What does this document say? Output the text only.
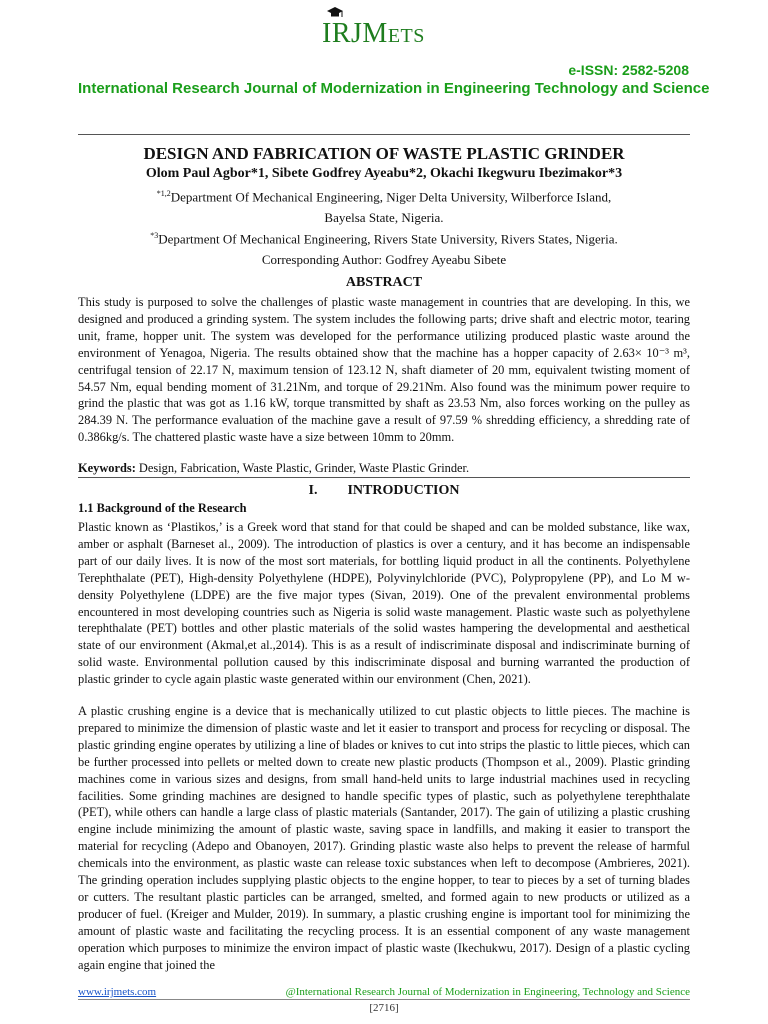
IRJMETS
e-ISSN: 2582-5208
International Research Journal of Modernization in Engineering Technology and Science
DESIGN AND FABRICATION OF WASTE PLASTIC GRINDER
Olom Paul Agbor*1, Sibete Godfrey Ayeabu*2, Okachi Ikegwuru Ibezimakor*3
$^{*1,2}$Department Of Mechanical Engineering, Niger Delta University, Wilberforce Island,
Bayelsa State, Nigeria.
$^{*3}$Department Of Mechanical Engineering, Rivers State University, Rivers States, Nigeria.
Corresponding Author: Godfrey Ayeabu Sibete
ABSTRACT

This study is purposed to solve the challenges of plastic waste management in countries that are developing. In this, we designed and produced a grinding system. The system includes the following parts; drive shaft and electric motor, tearing unit, frame, hopper unit. The system was developed for the performance utilizing produced plastic waste around the environment of Yenagoa, Nigeria. The results obtained show that the machine has a hopper capacity of 2.63× 10⁻³ m³, centrifugal tension of 22.17 N, maximum tension of 123.12 N, shaft diameter of 20 mm, equivalent twisting moment of 54.57 Nm, equal bending moment of 31.21Nm, and torque of 29.21Nm. Also found was the minimum power require to grind the plastic that was got as 1.16 kW, torque transmitted by shaft as 23.53 Nm, also forces working on the pulley as 284.39 N. The performance evaluation of the machine gave a result of 97.59 % shredding efficiency, a shredding rate of 0.386kg/s. The chattered plastic waste have a size between 10mm to 20mm.

Keywords: Design, Fabrication, Waste Plastic, Grinder, Waste Plastic Grinder.

I. INTRODUCTION
1.1 Background of the Research

Plastic known as ‘Plastikos,’ is a Greek word that stand for that could be shaped and can be molded substance, like wax, amber or asphalt (Barneset al., 2009). The introduction of plastics is over a century, and it has become an indispensable part of our daily lives. It is now of the most sort materials, for bottling liquid product in all the continents. Polyethylene Terephthalate (PET), High-density Polyethylene (HDPE), Polyvinylchloride (PVC), Polypropylene (PP), and Lo M w-density Polyethylene (LDPE) are the five major types (Sivan, 2019). One of the prevalent environmental problems encountered in most developing countries such as Nigeria is solid waste management. Plastic waste such as polyethylene terephthalate (PET) bottles and other plastic materials of the solid wastes hampering the developmental and aesthetical state of our environment (Akmal,et al.,2014). This is as a result of indiscriminate disposal and indiscriminate burning of solid waste. Environmental pollution caused by this indiscriminate disposal and burning warranted the production of plastic grinder to cycle again plastic waste generated within our environment (Chen, 2021).

A plastic crushing engine is a device that is mechanically utilized to cut plastic objects to little pieces. The machine is prepared to minimize the dimension of plastic waste and let it easier to transport and process for recycling or disposal. The plastic grinding engine operates by utilizing a line of blades or knives to cut into strips the plastic to little pieces, which can be further processed into pellets or melted down to create new plastic products (Thompson et al., 2009). Plastic grinding machines come in various sizes and designs, from small hand-held units to large industrial machines used in recycling facilities. Some grinding machines are designed to handle specific types of plastic, such as polyethylene terephthalate (PET), while others can handle a large class of plastic materials (Santander, 2017). The gain of utilizing a plastic crushing engine include minimizing the amount of plastic waste, saving space in landfills, and making it easier to transport the material for recycling (Adepo and Obanoyen, 2017). Grinding plastic waste also helps to prevent the release of harmful chemicals into the environment, as plastic waste can release toxic substances when left to decompose (Ambrieres, 2021). The grinding operation includes supplying plastic objects to the engine hopper, to tear to pieces by a set of turning blades or cutters. The resultant plastic particles can be arranged, smelted, and formed again to new products or utilized as a producer of fuel. (Kreiger and Mulder, 2019). In summary, a plastic crushing engine is important tool for minimizing the amount of plastic waste and facilitating the recycling process. It is an essential component of any waste management operation which purposes to minimize the environ impact of plastic waste (Ikechukwu, 2017). Design of a plastic cycling again engine that joined the

www.irjmets.com	@International Research Journal of Modernization in Engineering, Technology and Science
[2716]
